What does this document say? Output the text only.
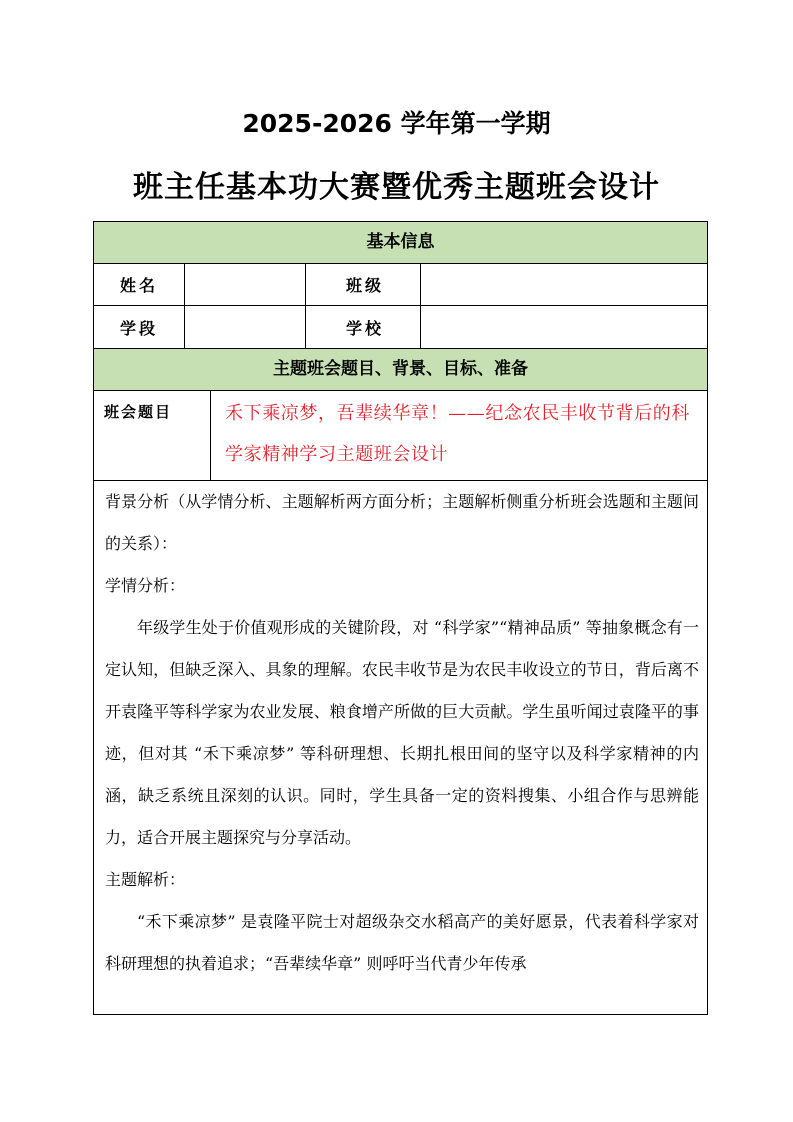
2025-2026 学年第一学期
班主任基本功大赛暨优秀主题班会设计
基本信息
姓名	班级
学段	学校
主题班会题目、背景、目标、准备
班会题目	禾下乘凉梦，吾辈续华章！——纪念农民丰收节背后的科学家精神学习主题班会设计

背景分析（从学情分析、主题解析两方面分析；主题解析侧重分析班会选题和主题间的关系）：

学情分析：

年级学生处于价值观形成的关键阶段，对 “科学家”“精神品质” 等抽象概念有一定认知，但缺乏深入、具象的理解。农民丰收节是为农民丰收设立的节日，背后离不开袁隆平等科学家为农业发展、粮食增产所做的巨大贡献。学生虽听闻过袁隆平的事迹，但对其 “禾下乘凉梦” 等科研理想、长期扎根田间的坚守以及科学家精神的内涵，缺乏系统且深刻的认识。同时，学生具备一定的资料搜集、小组合作与思辨能力，适合开展主题探究与分享活动。

主题解析：

“禾下乘凉梦” 是袁隆平院士对超级杂交水稻高产的美好愿景，代表着科学家对科研理想的执着追求；“吾辈续华章” 则呼吁当代青少年传承
